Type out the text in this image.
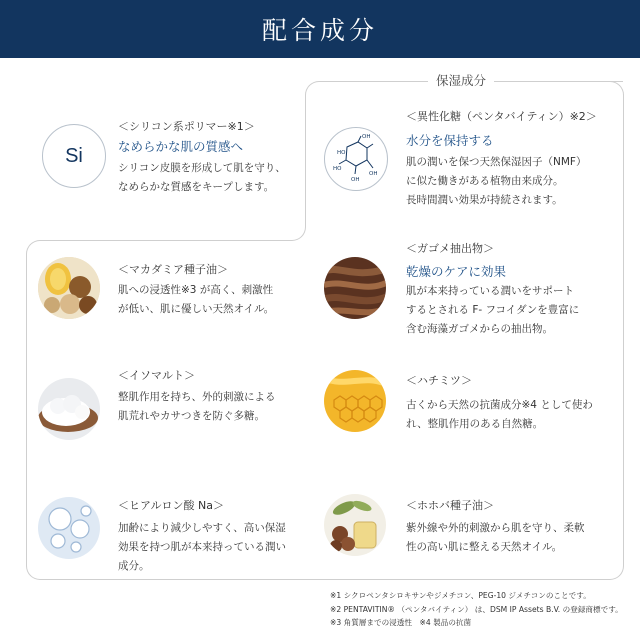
配合成分
保湿成分
Si
＜シリコン系ポリマー※1＞
なめらかな肌の質感へ
シリコン皮膜を形成して肌を守り、
なめらかな質感をキープします。
OH
HO
HO
OH
OH
＜異性化糖（ペンタバイティン）※2＞
水分を保持する
肌の潤いを保つ天然保湿因子（NMF）
に似た働きがある植物由来成分。
長時間潤い効果が持続されます。
＜マカダミア種子油＞
肌への浸透性※3 が高く、刺激性
が低い、肌に優しい天然オイル。
＜ガゴメ抽出物＞
乾燥のケアに効果
肌が本来持っている潤いをサポート
するとされる F- フコイダンを豊富に
含む海藻ガゴメからの抽出物。
＜イソマルト＞
整肌作用を持ち、外的刺激による
肌荒れやカサつきを防ぐ多糖。
＜ハチミツ＞
古くから天然の抗菌成分※4 として使わ
れ、整肌作用のある自然糖。
＜ヒアルロン酸 Na＞
加齢により減少しやすく、高い保湿
効果を持つ肌が本来持っている潤い
成分。
＜ホホバ種子油＞
紫外線や外的刺激から肌を守り、柔軟
性の高い肌に整える天然オイル。
※1 シクロペンタシロキサンやジメチコン、PEG-10 ジメチコンのことです。
※2 PENTAVITIN® （ペンタバイティン） は、DSM IP Assets B.V. の登録商標です。
※3 角質層までの浸透性　※4 製品の抗菌
